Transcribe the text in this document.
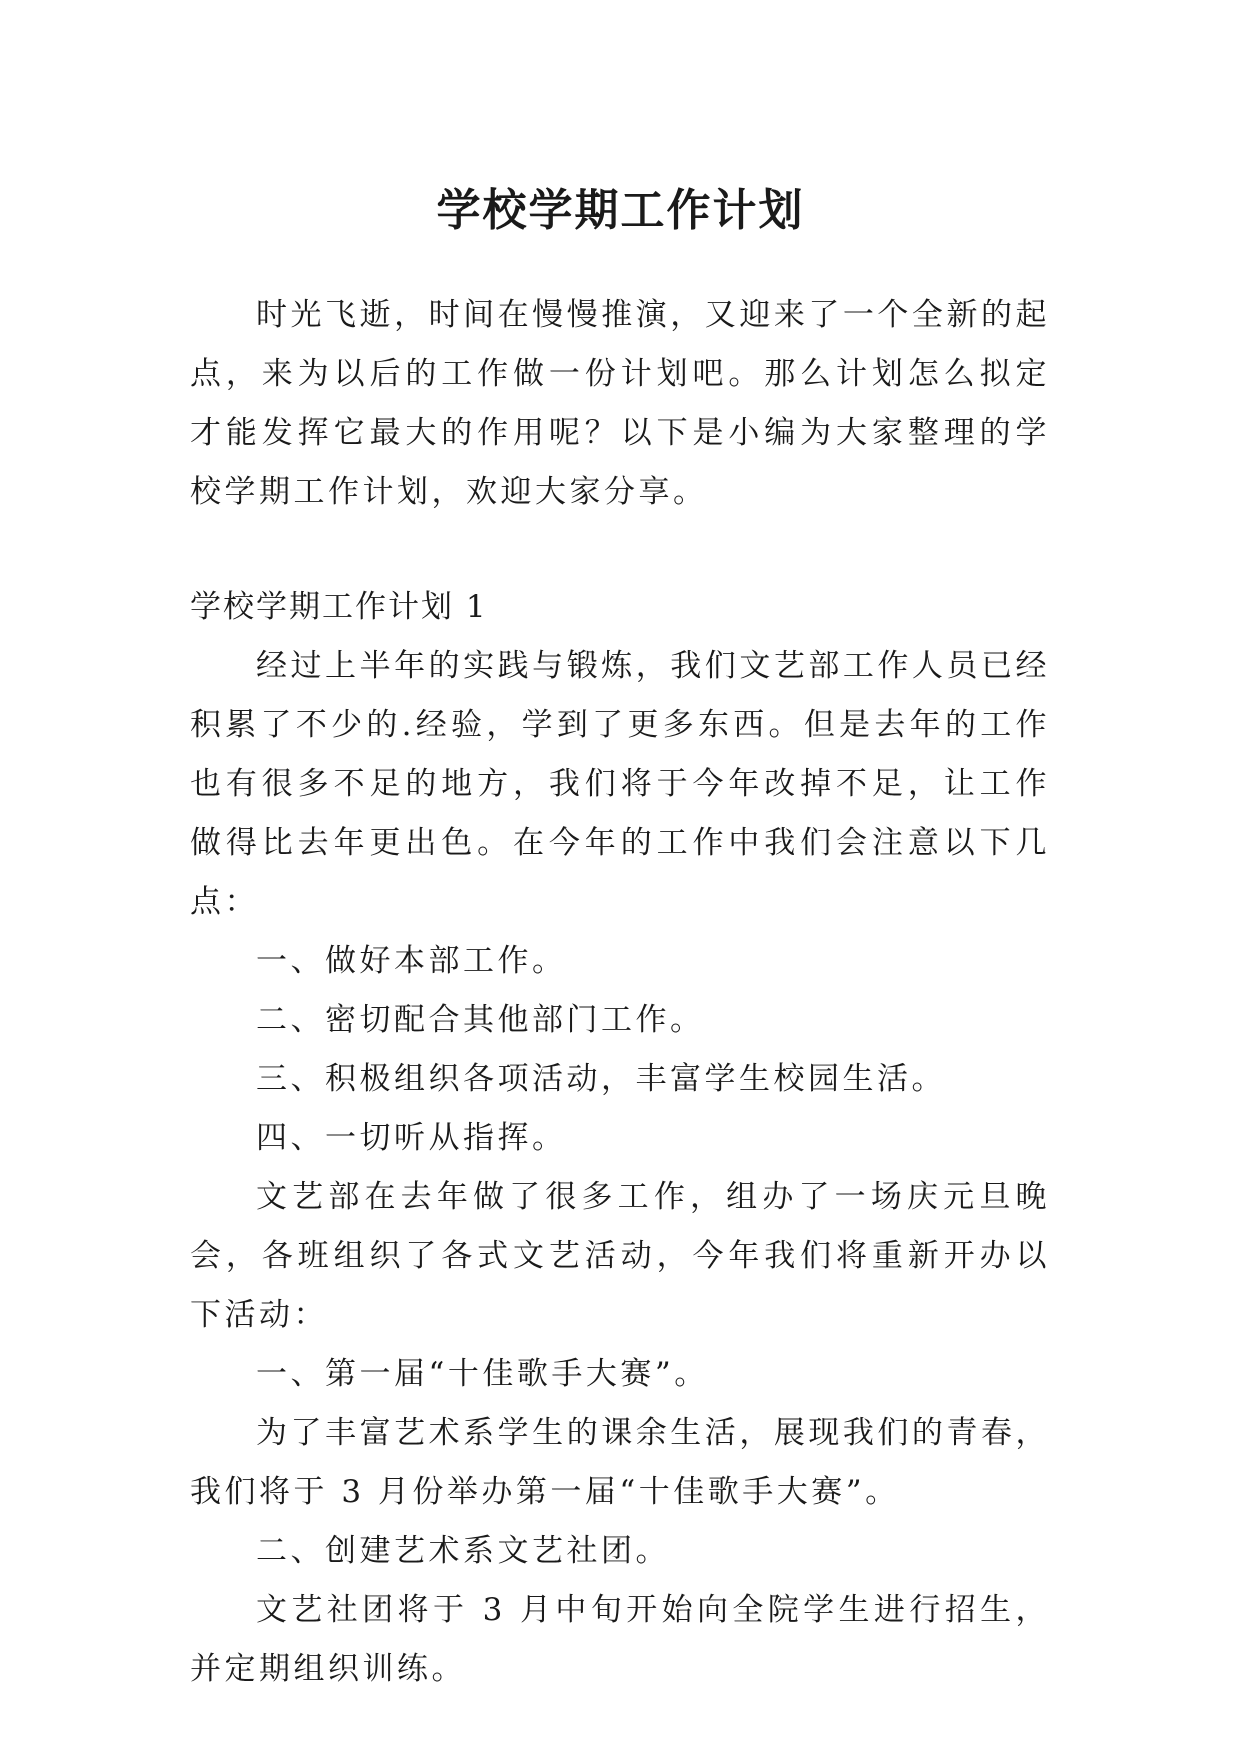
学校学期工作计划

时光飞逝，时间在慢慢推演，又迎来了一个全新的起点，来为以后的工作做一份计划吧。那么计划怎么拟定才能发挥它最大的作用呢？以下是小编为大家整理的学校学期工作计划，欢迎大家分享。

学校学期工作计划 1

经过上半年的实践与锻炼，我们文艺部工作人员已经积累了不少的.经验，学到了更多东西。但是去年的工作也有很多不足的地方，我们将于今年改掉不足，让工作做得比去年更出色。在今年的工作中我们会注意以下几点：

一、做好本部工作。

二、密切配合其他部门工作。

三、积极组织各项活动，丰富学生校园生活。

四、一切听从指挥。

文艺部在去年做了很多工作，组办了一场庆元旦晚会，各班组织了各式文艺活动，今年我们将重新开办以下活动：

一、第一届“十佳歌手大赛”。

为了丰富艺术系学生的课余生活，展现我们的青春，我们将于 3 月份举办第一届“十佳歌手大赛”。

二、创建艺术系文艺社团。

文艺社团将于 3 月中旬开始向全院学生进行招生，并定期组织训练。
